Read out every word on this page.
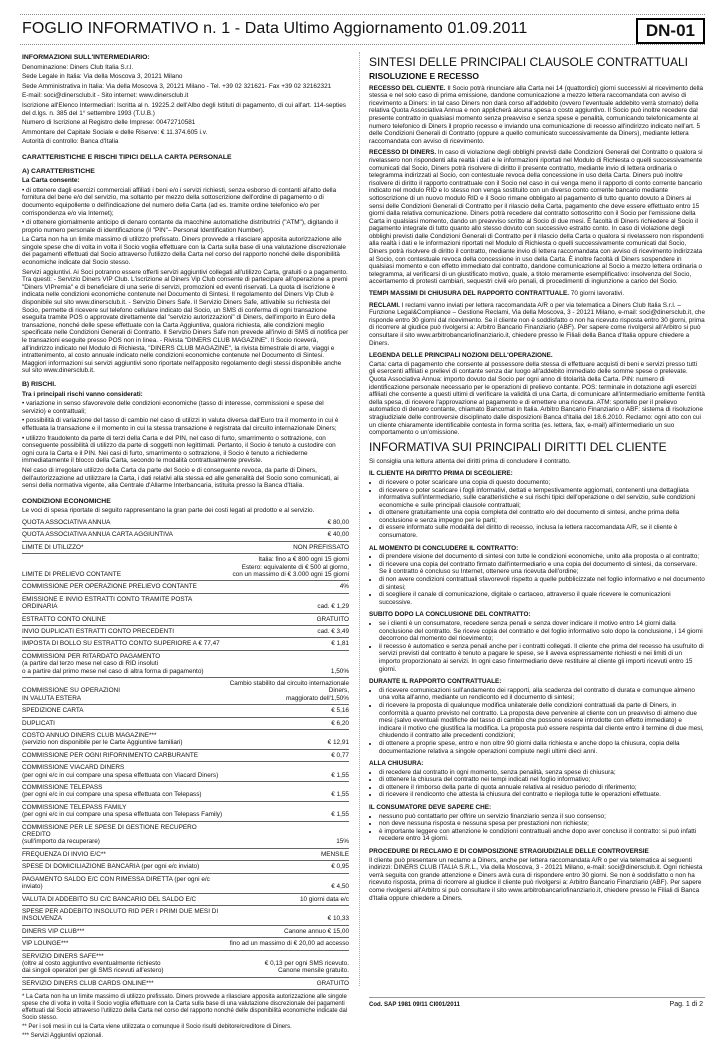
FOGLIO INFORMATIVO n. 1 - Data Ultimo Aggiornamento 01.09.2011	DN-01
INFORMAZIONI SULL'INTERMEDIARIO:

Denominazione: Diners Club Italia S.r.l.

Sede Legale in Italia: Via della Moscova 3, 20121 Milano

Sede Amministrativa in Italia: Via della Moscova 3, 20121 Milano - Tel. +39 02 321621- Fax +39 02 32162321

E-mail: soci@dinersclub.it - Sito internet: www.dinersclub.it

Iscrizione all'Elenco Intermediari: Iscritta al n. 19225.2 dell'Albo degli Istituti di pagamento, di cui all'art. 114-septies del d.lgs. n. 385 del 1° settembre 1993 (T.U.B.)

Numero di Iscrizione al Registro delle Imprese: 00472710581

Ammontare del Capitale Sociale e delle Riserve: € 11.374.605 i.v.

Autorità di controllo: Banca d'Italia

CARATTERISTICHE E RISCHI TIPICI DELLA CARTA PERSONALE
A) CARATTERISTICHE

La Carta consente:

• di ottenere dagli esercizi commerciali affiliati i beni e/o i servizi richiesti, senza esborso di contanti all'atto della fornitura del bene e/o del servizio, ma soltanto per mezzo della sottoscrizione dell'ordine di pagamento o di documento equipollente o dell'indicazione del numero della Carta (ad es. tramite ordine telefonico e/o per corrispondenza e/o via Internet);

• di ottenere giornalmente anticipo di denaro contante da macchine automatiche distributrici ("ATM"), digitando il proprio numero personale di identificazione (il "PIN"– Personal Identification Number).

La Carta non ha un limite massimo di utilizzo prefissato. Diners provvede a rilasciare apposita autorizzazione alle singole spese che di volta in volta il Socio voglia effettuare con la Carta sulla base di una valutazione discrezionale dei pagamenti effettuati dal Socio attraverso l'utilizzo della Carta nel corso del rapporto nonché delle disponibilità economiche indicate dal Socio stesso.

Servizi aggiuntivi. Ai Soci potranno essere offerti servizi aggiuntivi collegati all'utilizzo Carta, gratuiti o a pagamento. Tra questi: - Servizio Diners VIP Club. L'iscrizione al Diners Vip Club consente di partecipare all'operazione a premi "Diners VIPremia" e di beneficiare di una serie di servizi, promozioni ed eventi riservati. La quota di iscrizione è indicata nelle condizioni economiche contenute nel Documento di Sintesi. Il regolamento del Diners Vip Club è disponibile sul sito www.dinersclub.it. - Servizio Diners Safe. Il Servizio Diners Safe, attivabile su richiesta del Socio, permette di ricevere sul telefono cellulare indicato dal Socio, un SMS di conferma di ogni transazione eseguita tramite POS o approvate direttamente dal "servizio autorizzazioni" di Diners, dell'importo in Euro della transazione, nonché delle spese effettuate con la Carta Aggiuntiva, qualora richiesta, alle condizioni meglio specificate nelle Condizioni Generali di Contratto. Il Servizio Diners Safe non prevede all'invio di SMS di notifica per le transazioni eseguite presso POS non in linea. - Rivista "DINERS CLUB MAGAZINE". Il Socio riceverà, all'indirizzo indicato nel Modulo di Richiesta, "DINERS CLUB MAGAZINE", la rivista bimestrale di arte, viaggi e intrattenimento, al costo annuale indicato nelle condizioni economiche contenute nel Documento di Sintesi. Maggiori informazioni sui servizi aggiuntivi sono riportate nell'apposito regolamento degli stessi disponibile anche sul sito www.dinersclub.it.

B) RISCHI.

Tra i principali rischi vanno considerati:

• variazione in senso sfavorevole delle condizioni economiche (tasso di interesse, commissioni e spese del servizio) e contrattuali;

• possibilità di variazione del tasso di cambio nel caso di utilizzi in valuta diversa dall'Euro tra il momento in cui è effettuata la transazione e il momento in cui la stessa transazione è registrata dal circuito internazionale Diners;

• utilizzo fraudolento da parte di terzi della Carta e del PIN, nel caso di furto, smarrimento o sottrazione, con conseguente possibilità di utilizzo da parte di soggetti non legittimati. Pertanto, il Socio è tenuto a custodire con ogni cura la Carta e il PIN. Nei casi di furto, smarrimento o sottrazione, il Socio è tenuto a richiederne immediatamente il blocco della Carta, secondo le modalità contrattualmente previste.

Nel caso di irregolare utilizzo della Carta da parte del Socio e di conseguente revoca, da parte di Diners, dell'autorizzazione ad utilizzare la Carta, i dati relativi alla stessa ed alle generalità del Socio sono comunicati, ai sensi della normativa vigente, alla Centrale d'Allarme Interbancaria, istituita presso la Banca d'Italia.

CONDIZIONI ECONOMICHE

Le voci di spesa riportate di seguito rappresentano la gran parte dei costi legati al prodotto e al servizio.

QUOTA ASSOCIATIVA ANNUA	€ 80,00
QUOTA ASSOCIATIVA ANNUA CARTA AGGIUNTIVA	€ 40,00
LIMITE DI UTILIZZO*	NON PREFISSATO
LIMITE DI PRELIEVO CONTANTE	Italia: fino a € 800 ogni 15 giorni
Estero: equivalente di € 500 al giorno,
con un massimo di € 3.000 ogni 15 giorni
COMMISSIONE PER OPERAZIONE PRELIEVO CONTANTE	4%
EMISSIONE E INVIO ESTRATTI CONTO TRAMITE POSTA ORDINARIA	cad. € 1,29
ESTRATTO CONTO ONLINE	GRATUITO
INVIO DUPLICATI ESTRATTI CONTO PRECEDENTI	cad. € 3,49
IMPOSTA DI BOLLO SU ESTRATTO CONTO SUPERIORE A € 77,47	€ 1,81
COMMISSIONI PER RITARDATO PAGAMENTO
(a partire dal terzo mese nel caso di RID insoluti
o a partire dal primo mese nel caso di altra forma di pagamento)	1,50%
COMMISSIONE SU OPERAZIONI
IN VALUTA ESTERA	Cambio stabilito dal circuito internazionale Diners,
maggiorato dell'1,50%
SPEDIZIONE CARTA	€ 5,16
DUPLICATI	€ 6,20
COSTO ANNUO DINERS CLUB MAGAZINE***
(servizio non disponibile per le Carte Aggiuntive familiari)	€ 12,91
COMMISSIONE PER OGNI RIFORNIMENTO CARBURANTE	€ 0,77
COMMISSIONE VIACARD DINERS
(per ogni e/c in cui compare una spesa effettuata con Viacard Diners)	€ 1,55
COMMISSIONE TELEPASS
(per ogni e/c in cui compare una spesa effettuata con Telepass)	€ 1,55
COMMISSIONE TELEPASS FAMILY
(per ogni e/c in cui compare una spesa effettuata con Telepass Family)	€ 1,55
COMMISSIONE PER LE SPESE DI GESTIONE RECUPERO CREDITO
(sull'importo da recuperare)	15%
FREQUENZA DI INVIO E/C**	MENSILE
SPESE DI DOMICILIAZIONE BANCARIA (per ogni e/c inviato)	€ 0,95
PAGAMENTO SALDO E/C CON RIMESSA DIRETTA (per ogni e/c inviato)	€ 4,50
VALUTA DI ADDEBITO SU C/C BANCARIO DEL SALDO E/C	10 giorni data e/c
SPESE PER ADDEBITO INSOLUTO RID PER I PRIMI DUE MESI DI INSOLVENZA	€ 10,33
DINERS VIP CLUB***	Canone annuo € 15,00
VIP LOUNGE***	fino ad un massimo di € 20,00 ad accesso
SERVIZIO DINERS SAFE***
(oltre al costo aggiuntivo eventualmente richiesto
dai singoli operatori per gli SMS ricevuti all'estero)	€ 0,13 per ogni SMS ricevuto.
Canone mensile gratuito.
SERVIZIO DINERS CLUB CARDS ONLINE***	GRATUITO

* La Carta non ha un limite massimo di utilizzo prefissato. Diners provvede a rilasciare apposita autorizzazione alle singole spese che di volta in volta il Socio voglia effettuare con la Carta sulla base di una valutazione discrezionale dei pagamenti effettuati dal Socio attraverso l'utilizzo della Carta nel corso del rapporto nonché delle disponibilità economiche indicate dal Socio stesso.

** Per i soli mesi in cui la Carta viene utilizzata o comunque il Socio risulti debitore/creditore di Diners.

*** Servizi Aggiuntivi opzionali.

SINTESI DELLE PRINCIPALI CLAUSOLE CONTRATTUALI
RISOLUZIONE E RECESSO

RECESSO DEL CLIENTE. Il Socio potrà rinunciare alla Carta nei 14 (quattordici) giorni successivi al ricevimento della stessa e nel solo caso di prima emissione, dandone comunicazione a mezzo lettera raccomandata con avviso di ricevimento a Diners: in tal caso Diners non darà corso all'addebito (ovvero l'eventuale addebito verrà stornato) della relativa Quota Associativa Annua e non applicherà alcuna spesa o costo aggiuntivo. Il Socio può inoltre recedere dal presente contratto in qualsiasi momento senza preavviso e senza spese e penalità, comunicando telefonicamente al numero telefonico di Diners il proprio recesso e inviando una comunicazione di recesso all'indirizzo indicato nell'art. 5 delle Condizioni Generali di Contratto (oppure a quello comunicato successivamente da Diners), mediante lettera raccomandata con avviso di ricevimento.

RECESSO DI DINERS. In caso di violazione degli obblighi previsti dalle Condizioni Generali del Contratto o qualora si rivelassero non rispondenti alla realtà i dati e le informazioni riportati nel Modulo di Richiesta o quelli successivamente comunicati dal Socio, Diners potrà risolvere di diritto il presente contratto, mediante invio di lettera ordinaria o telegramma indirizzati al Socio, con contestuale revoca della concessione in uso della Carta. Diners può inoltre risolvere di diritto il rapporto contrattuale con il Socio nel caso in cui venga meno il rapporto di conto corrente bancario indicato nel modulo RID e lo stesso non venga sostituito con un diverso conto corrente bancario mediante sottoscrizione di un nuovo modulo RID e il Socio rimane obbligato al pagamento di tutto quanto dovuto a Diners ai sensi delle Condizioni Generali di Contratto per il rilascio della Carta, pagamento che deve essere effettuato entro 15 giorni dalla relativa comunicazione. Diners potrà recedere dal contratto sottoscritto con il Socio per l'emissione della Carta in qualsiasi momento, dando un preavviso scritto al Socio di due mesi. È facoltà di Diners richiedere al Socio il pagamento integrale di tutto quanto allo stesso dovuto con successivo estratto conto. In caso di violazione degli obblighi previsti dalle Condizioni Generali di Contratto per il rilascio della Carta o qualora si rivelassero non rispondenti alla realtà i dati e le informazioni riportati nel Modulo di Richiesta o quelli successivamente comunicati dal Socio, Diners potrà risolvere di diritto il contratto, mediante invio di lettera raccomandata con avviso di ricevimento indirizzata al Socio, con contestuale revoca della concessione in uso della Carta. È inoltre facoltà di Diners sospendere in qualsiasi momento e con effetto immediato dal contratto, dandone comunicazione al Socio a mezzo lettera ordinaria o telegramma, al verificarsi di un giustificato motivo, quale, a titolo meramente esemplificativo: insolvenza del Socio, accertamento di protesti cambiari, sequestri civili e/o penali, di procedimenti di ingiunzione a carico del Socio.

TEMPI MASSIMI DI CHIUSURA DEL RAPPORTO CONTRATTUALE. 70 giorni lavorativi.

RECLAMI. I reclami vanno inviati per lettera raccomandata A/R o per via telematica a Diners Club Italia S.r.l. – Funzione Legal&Compliance – Gestione Reclami, Via della Moscova, 3 - 20121 Milano, e-mail: soci@dinersclub.it, che risponde entro 30 giorni dal ricevimento. Se il cliente non è soddisfatto o non ha ricevuto risposta entro 30 giorni, prima di ricorrere al giudice può rivolgersi a: Arbitro Bancario Finanziario (ABF). Per sapere come rivolgersi all'Arbitro si può consultare il sito www.arbitrobancariofinanziario.it, chiedere presso le Filiali della Banca d'Italia oppure chiedere a Diners.

LEGENDA DELLE PRINCIPALI NOZIONI DELL'OPERAZIONE.

Carta: carta di pagamento che consente al possessore della stessa di effettuare acquisti di beni e servizi presso tutti gli esercenti affiliati e prelievi di contante senza dar luogo all'addebito immediato delle somme spese o prelevate. Quota Associativa Annua: importo dovuto dal Socio per ogni anno di titolarità della Carta. PIN: numero di identificazione personale necessario per le operazioni di prelievo contante. POS: terminale in dotazione agli esercizi affiliati che consente a questi ultimi di verificare la validità di una Carta, di comunicare all'intermediario emittente l'entità della spesa, di ricevere l'approvazione al pagamento e di emettere una ricevuta. ATM: sportello per il prelievo automatico di denaro contante, chiamato Bancomat in Italia. Arbitro Bancario Finanziario o ABF: sistema di risoluzione stragiudiziale delle controversie disciplinato dalle disposizioni Banca d'Italia del 18.6.2010. Reclamo: ogni atto con cui un cliente chiaramente identificabile contesta in forma scritta (es. lettera, fax, e-mail) all'intermediario un suo comportamento o un'omissione.

INFORMATIVA SUI PRINCIPALI DIRITTI DEL CLIENTE

Si consiglia una lettura attenta dei diritti prima di concludere il contratto.

IL CLIENTE HA DIRITTO PRIMA DI SCEGLIERE:
• di ricevere o poter scaricare una copia di questo documento;
• di ricevere o poter scaricare i fogli informativi, dettati e tempestivamente aggiornati, contenenti una dettagliata informativa sull'intermediario, sulle caratteristiche e sui rischi tipici dell'operazione o del servizio, sulle condizioni economiche e sulle principali clausole contrattuali;
• di ottenere gratuitamente una copia completa del contratto e/o del documento di sintesi, anche prima della conclusione e senza impegno per le parti;
• di essere informato sulle modalità del diritto di recesso, inclusa la lettera raccomandata A/R, se il cliente è consumatore.
AL MOMENTO DI CONCLUDERE IL CONTRATTO:
• di prendere visione del documento di sintesi con tutte le condizioni economiche, unito alla proposta o al contratto;
• di ricevere una copia del contratto firmato dall'intermediario e una copia del documento di sintesi, da conservare. Se il contratto è concluso su Internet, ottenere una ricevuta dell'ordine;
• di non avere condizioni contrattuali sfavorevoli rispetto a quelle pubblicizzate nel foglio informativo e nel documento di sintesi;
• di scegliere il canale di comunicazione, digitale o cartaceo, attraverso il quale ricevere le comunicazioni successive.
SUBITO DOPO LA CONCLUSIONE DEL CONTRATTO:
• se i clienti è un consumatore, recedere senza penali e senza dover indicare il motivo entro 14 giorni dalla conclusione del contratto. Se riceve copia del contratto e del foglio informativo solo dopo la conclusione, i 14 giorni decorrono dal momento del ricevimento;
• il recesso è automatico e senza penali anche per i contratti collegati. Il cliente che prima del recesso ha usufruito di servizi previsti dal contratto è tenuto a pagare le spese, se li aveva espressamente richiesti e nei limiti di un importo proporzionato ai servizi. In ogni caso l'intermediario deve restituire al cliente gli importi ricevuti entro 15 giorni.
DURANTE IL RAPPORTO CONTRATTUALE:
• di ricevere comunicazioni sull'andamento dei rapporti, alla scadenza del contratto di durata e comunque almeno una volta all'anno, mediante un rendiconto ed il documento di sintesi;
• di ricevere la proposta di qualunque modifica unilaterale delle condizioni contrattuali da parte di Diners, in conformità a quanto previsto nel contratto. La proposta deve pervenire al cliente con un preavviso di almeno due mesi (salvo eventuali modifiche del tasso di cambio che possono essere introdotte con effetto immediato) e indicare il motivo che giustifica la modifica. La proposta può essere respinta dal cliente entro il termine di due mesi, chiudendo il contratto alle precedenti condizioni;
• di ottenere a proprie spese, entro e non oltre 90 giorni dalla richiesta e anche dopo la chiusura, copia della documentazione relativa a singole operazioni compiute negli ultimi dieci anni.
ALLA CHIUSURA:
• di recedere dal contratto in ogni momento, senza penalità, senza spese di chiusura;
• di ottenere la chiusura del contratto nei tempi indicati nel foglio informativo;
• di ottenere il rimborso della parte di quota annuale relativa al residuo periodo di riferimento;
• di ricevere il rendiconto che attesta la chiusura del contratto e riepiloga tutte le operazioni effettuate.
IL CONSUMATORE DEVE SAPERE CHE:
• nessuno può contattarlo per offrire un servizio finanziario senza il suo consenso;
• non deve nessuna risposta e nessuna spesa per prestazioni non richieste;
• è importante leggere con attenzione le condizioni contrattuali anche dopo aver concluso il contratto: si può infatti recedere entro 14 giorni.
PROCEDURE DI RECLAMO E DI COMPOSIZIONE STRAGIUDIZIALE DELLE CONTROVERSIE

Il cliente può presentare un reclamo a Diners, anche per lettera raccomandata A/R o per via telematica ai seguenti indirizzi: DINERS CLUB ITALIA S.R.L., Via della Moscova, 3 - 20121 Milano, e-mail: soci@dinersclub.it. Ogni richiesta verrà seguita con grande attenzione e Diners avrà cura di rispondere entro 30 giorni. Se non è soddisfatto o non ha ricevuto risposta, prima di ricorrere al giudice il cliente può rivolgersi a: Arbitro Bancario Finanziario (ABF). Per sapere come rivolgersi all'Arbitro si può consultare il sito www.arbitrobancariofinanziario.it, chiedere presso le Filiali di Banca d'Italia oppure chiedere a Diners.

Cod. SAP 1981 09/11 CI001/2011	Pag. 1 di 2
